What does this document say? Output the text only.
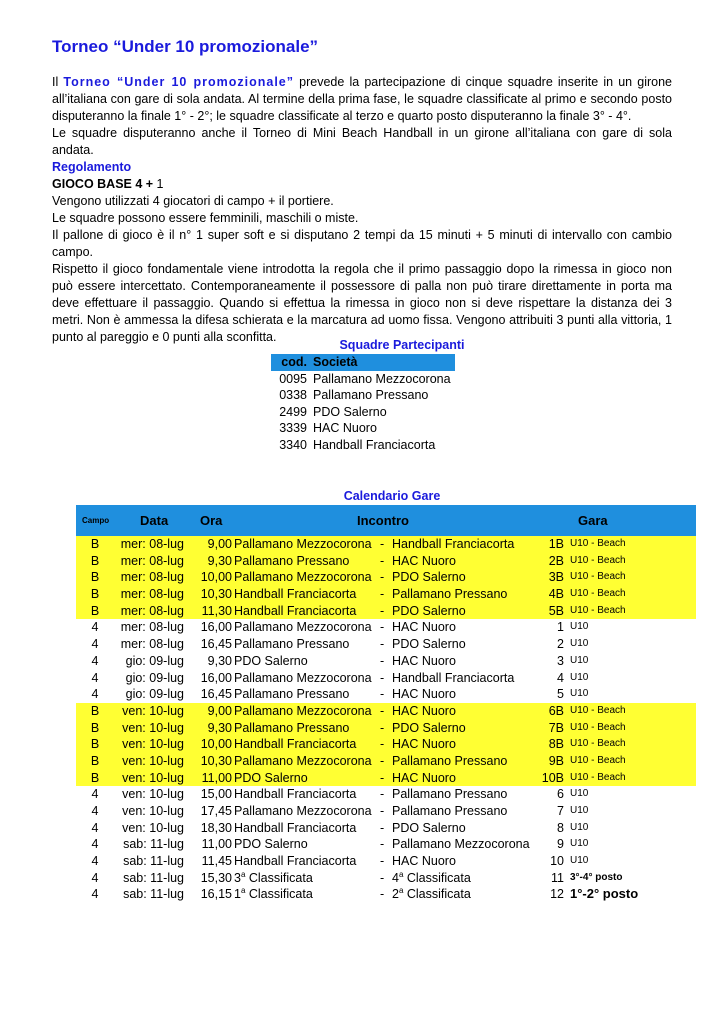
Torneo “Under 10 promozionale”

Il Torneo “Under 10 promozionale” prevede la partecipazione di cinque squadre inserite in un girone all’italiana con gare di sola andata. Al termine della prima fase, le squadre classificate al primo e secondo posto disputeranno la finale 1° - 2°; le squadre classificate al terzo e quarto posto disputeranno la finale 3° - 4°.

Le squadre disputeranno anche il Torneo di Mini Beach Handball in un girone all’italiana con gare di sola andata.

Regolamento

GIOCO BASE 4 + 1

Vengono utilizzati 4 giocatori di campo + il portiere.

Le squadre possono essere femminili, maschili o miste.

Il pallone di gioco è il n° 1 super soft e si disputano 2 tempi da 15 minuti + 5 minuti di intervallo con cambio campo.

Rispetto il gioco fondamentale viene introdotta la regola che il primo passaggio dopo la rimessa in gioco non può essere intercettato. Contemporaneamente il possessore di palla non può tirare direttamente in porta ma deve effettuare il passaggio. Quando si effettua la rimessa in gioco non si deve rispettare la distanza dei 3 metri. Non è ammessa la difesa schierata e la marcatura ad uomo fissa. Vengono attribuiti 3 punti alla vittoria, 1 punto al pareggio e 0 punti alla sconfitta.

Squadre Partecipanti
cod.	Società
0095	Pallamano Mezzocorona
0338	Pallamano Pressano
2499	PDO Salerno
3339	HAC Nuoro
3340	Handball Franciacorta
Calendario Gare
Campo Data Ora	Incontro	Gara
B	mer: 08-lug	9,00 Pallamano Mezzocorona - Handball Franciacorta	1B U10 - Beach
B	mer: 08-lug	9,30 Pallamano Pressano - HAC Nuoro	2B U10 - Beach
B	mer: 08-lug	10,00 Pallamano Mezzocorona - PDO Salerno	3B U10 - Beach
B	mer: 08-lug	10,30 Handball Franciacorta - Pallamano Pressano	4B U10 - Beach
B	mer: 08-lug	11,30 Handball Franciacorta - PDO Salerno	5B U10 - Beach
4	mer: 08-lug	16,00 Pallamano Mezzocorona - HAC Nuoro	1 U10
4	mer: 08-lug	16,45 Pallamano Pressano - PDO Salerno	2 U10
4	gio: 09-lug	9,30 PDO Salerno	- HAC Nuoro	3 U10
4	gio: 09-lug	16,00 Pallamano Mezzocorona - Handball Franciacorta	4 U10
4	gio: 09-lug	16,45 Pallamano Pressano - HAC Nuoro	5 U10
B	ven: 10-lug	9,00 Pallamano Mezzocorona - HAC Nuoro	6B U10 - Beach
B	ven: 10-lug	9,30 Pallamano Pressano - PDO Salerno	7B U10 - Beach
B	ven: 10-lug	10,00 Handball Franciacorta - HAC Nuoro	8B U10 - Beach
B	ven: 10-lug	10,30 Pallamano Mezzocorona - Pallamano Pressano	9B U10 - Beach
B	ven: 10-lug	11,00 PDO Salerno	- HAC Nuoro	10B U10 - Beach
4	ven: 10-lug	15,00 Handball Franciacorta - Pallamano Pressano	6 U10
4	ven: 10-lug	17,45 Pallamano Mezzocorona - Pallamano Pressano	7 U10
4	ven: 10-lug	18,30 Handball Franciacorta - PDO Salerno	8 U10
4	sab: 11-lug	11,00 PDO Salerno	- Pallamano Mezzocorona	9 U10
4	sab: 11-lug	11,45 Handball Franciacorta - HAC Nuoro	10 U10
4	sab: 11-lug	15,30 3$^a$ Classificata	- 4$^a$ Classificata	11 3°-4° posto
4	sab: 11-lug	16,15 1$^a$ Classificata	- 2$^a$ Classificata	12 1°-2° posto
